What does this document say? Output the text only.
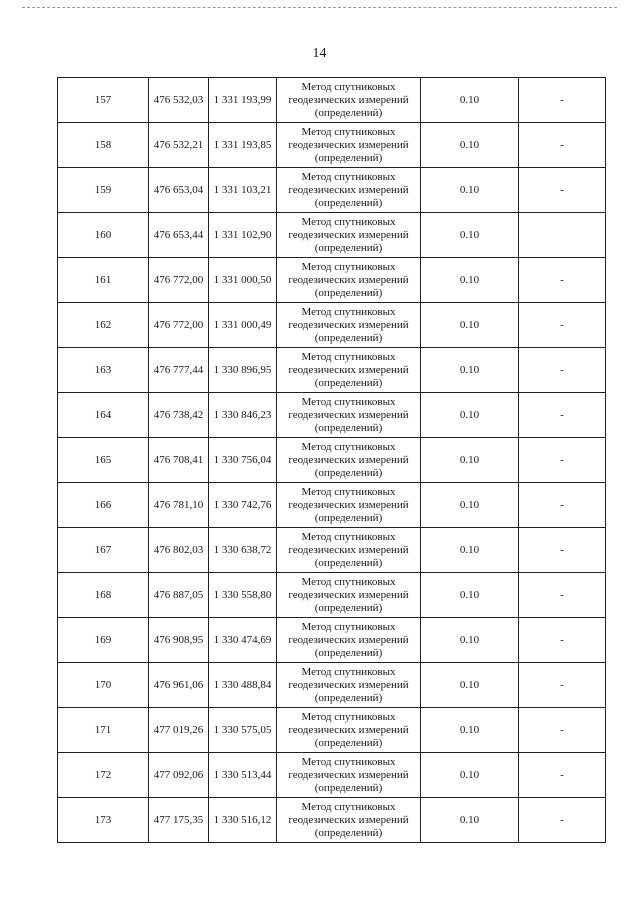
14
157	476 532,03	1 331 193,99	Метод спутниковых
геодезических измерений
(определений)	0.10	-
158	476 532,21	1 331 193,85	Метод спутниковых
геодезических измерений
(определений)	0.10	-
159	476 653,04	1 331 103,21	Метод спутниковых
геодезических измерений
(определений)	0.10	-
160	476 653,44	1 331 102,90	Метод спутниковых
геодезических измерений
(определений)	0.10	
161	476 772,00	1 331 000,50	Метод спутниковых
геодезических измерений
(определений)	0.10	-
162	476 772,00	1 331 000,49	Метод спутниковых
геодезических измерений
(определений)	0.10	-
163	476 777,44	1 330 896,95	Метод спутниковых
геодезических измерений
(определений)	0.10	-
164	476 738,42	1 330 846,23	Метод спутниковых
геодезических измерений
(определений)	0.10	-
165	476 708,41	1 330 756,04	Метод спутниковых
геодезических измерений
(определений)	0.10	-
166	476 781,10	1 330 742,76	Метод спутниковых
геодезических измерений
(определений)	0.10	-
167	476 802,03	1 330 638,72	Метод спутниковых
геодезических измерений
(определений)	0.10	-
168	476 887,05	1 330 558,80	Метод спутниковых
геодезических измерений
(определений)	0.10	-
169	476 908,95	1 330 474,69	Метод спутниковых
геодезических измерений
(определений)	0.10	-
170	476 961,06	1 330 488,84	Метод спутниковых
геодезических измерений
(определений)	0.10	-
171	477 019,26	1 330 575,05	Метод спутниковых
геодезических измерений
(определений)	0.10	-
172	477 092,06	1 330 513,44	Метод спутниковых
геодезических измерений
(определений)	0.10	-
173	477 175,35	1 330 516,12	Метод спутниковых
геодезических измерений
(определений)	0.10	-
